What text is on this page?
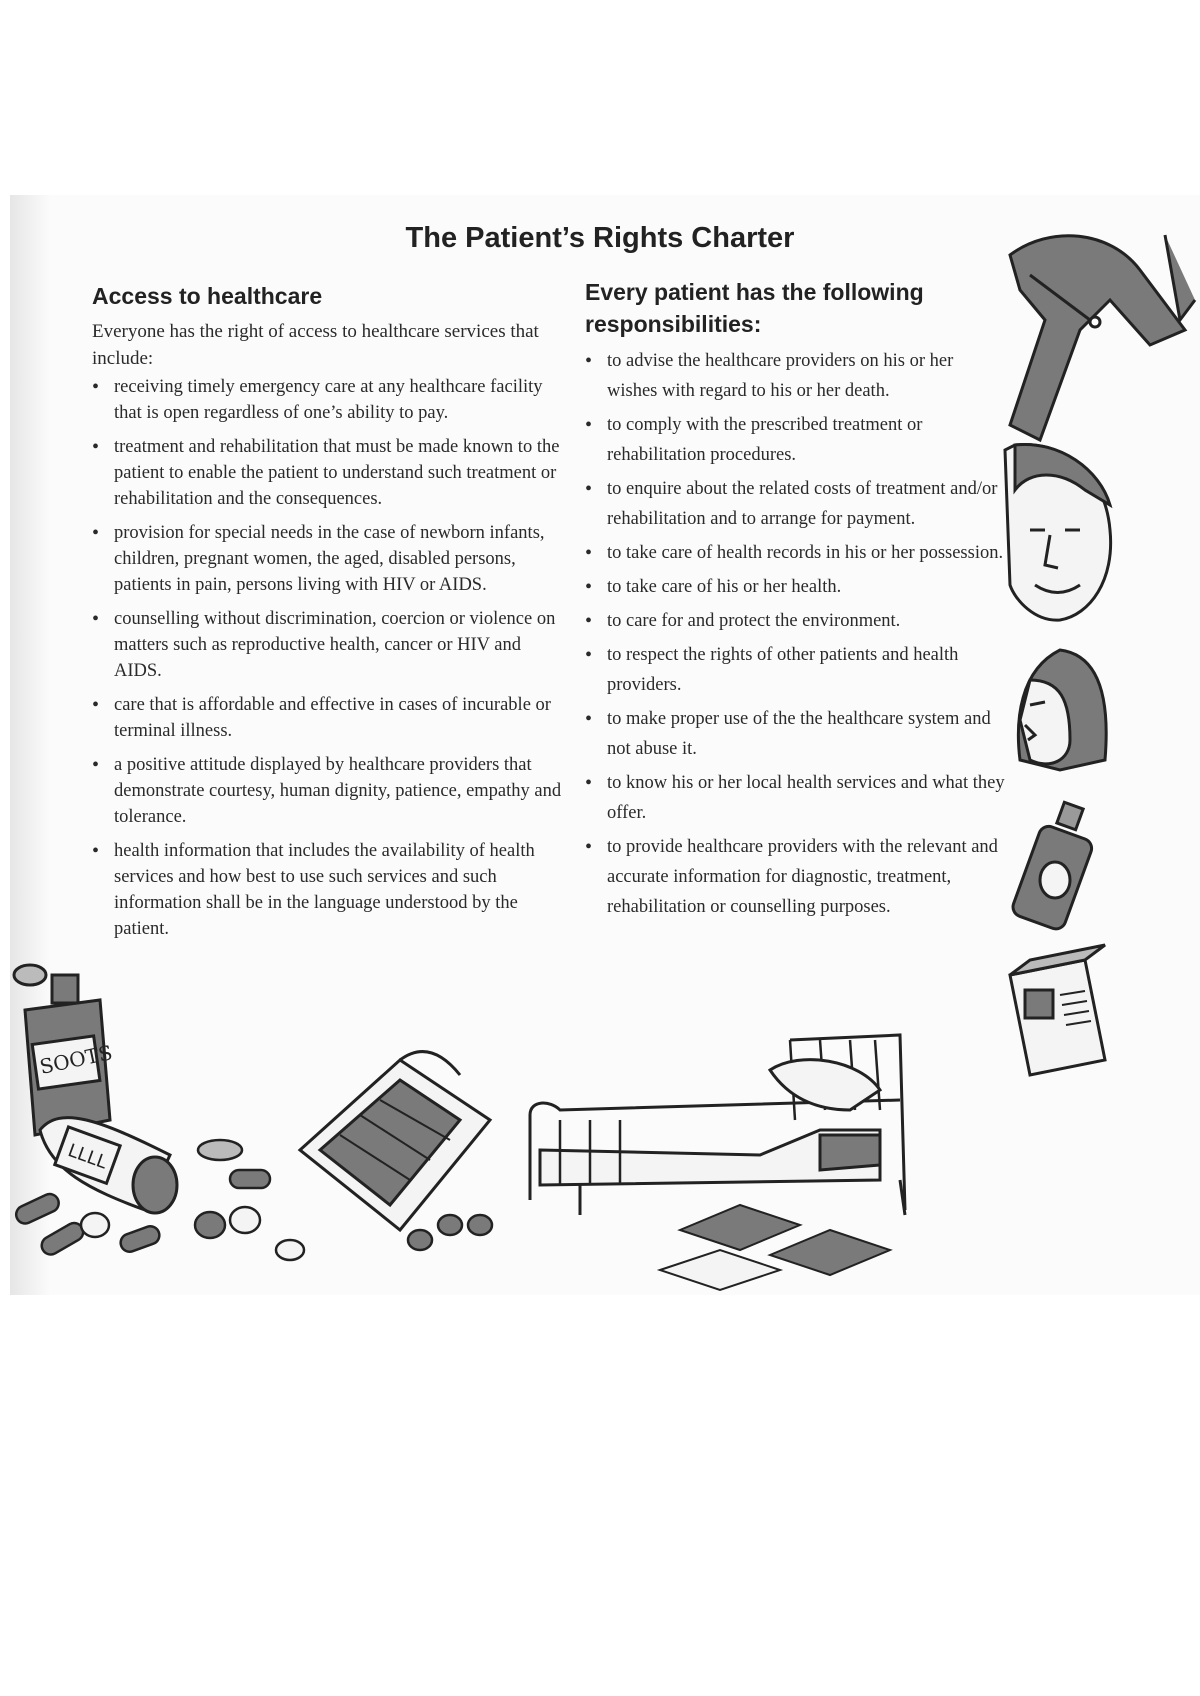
The Patient’s Rights Charter
Access to healthcare
Everyone has the right of access to healthcare services that include:
• receiving timely emergency care at any healthcare facility that is open regardless of one’s ability to pay.
• treatment and rehabilitation that must be made known to the patient to enable the patient to understand such treatment or rehabilitation and the consequences.
• provision for special needs in the case of newborn infants, children, pregnant women, the aged, disabled persons, patients in pain, persons living with HIV or AIDS.
• counselling without discrimination, coercion or violence on matters such as reproductive health, cancer or HIV and AIDS.
• care that is affordable and effective in cases of incurable or terminal illness.
• a positive attitude displayed by healthcare providers that demonstrate courtesy, human dignity, patience, empathy and tolerance.
• health information that includes the availability of health services and how best to use such services and such information shall be in the language understood by the patient.
Every patient has the following responsibilities:
• to advise the healthcare providers on his or her wishes with regard to his or her death.
• to comply with the prescribed treatment or rehabilitation procedures.
• to enquire about the related costs of treatment and/or rehabilitation and to arrange for payment.
• to take care of health records in his or her possession.
• to take care of his or her health.
• to care for and protect the environment.
• to respect the rights of other patients and health providers.
• to make proper use of the the healthcare system and not abuse it.
• to know his or her local health services and what they offer.
• to provide healthcare providers with the relevant and accurate information for diagnostic, treatment, rehabilitation or counselling purposes.
SOOTS
LLLL
